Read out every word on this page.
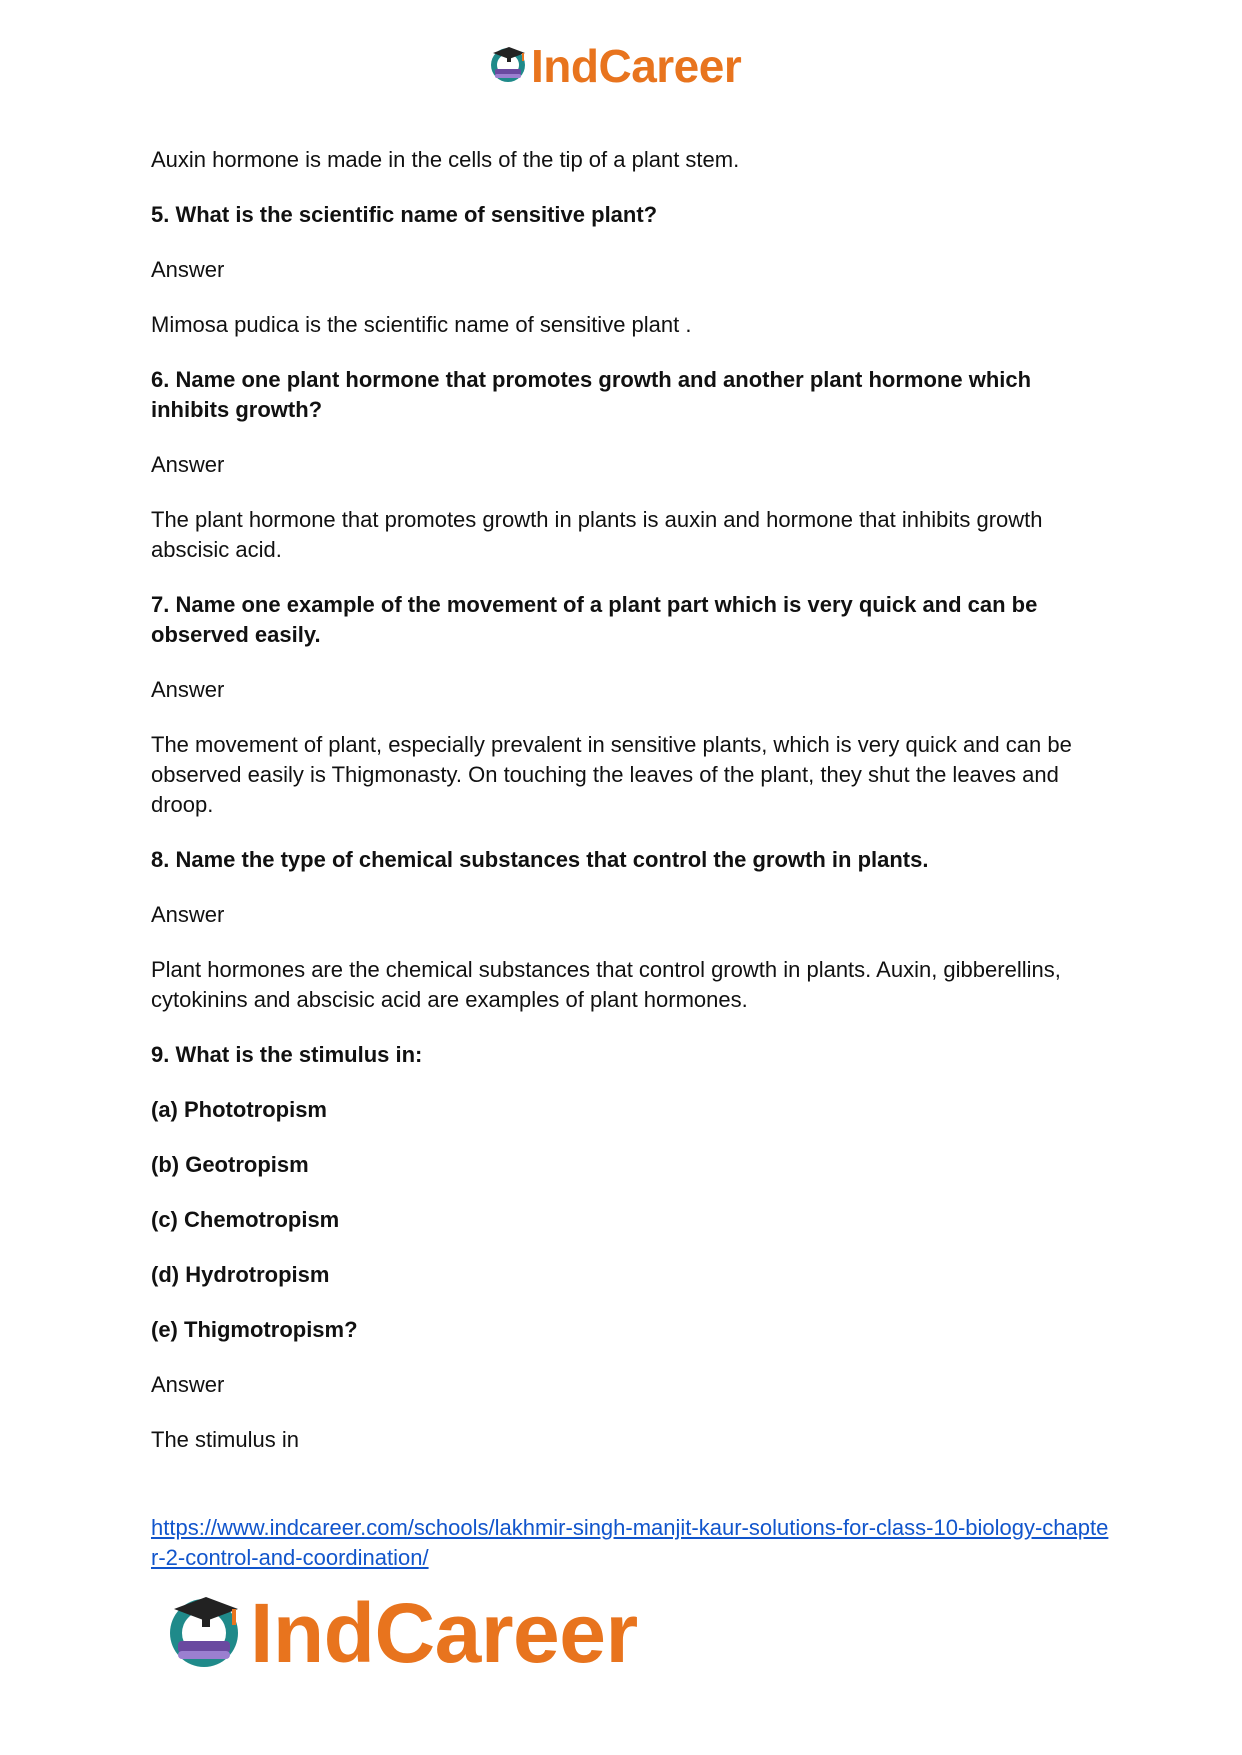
IndCareer

Auxin hormone is made in the cells of the tip of a plant stem.

5. What is the scientific name of sensitive plant?

Answer

Mimosa pudica is the scientific name of sensitive plant .

6. Name one plant hormone that promotes growth and another plant hormone which inhibits growth?

Answer

The plant hormone that promotes growth in plants is auxin and hormone that inhibits growth abscisic acid.

7. Name one example of the movement of a plant part which is very quick and can be observed easily.

Answer

The movement of plant, especially prevalent in sensitive plants, which is very quick and can be observed easily is Thigmonasty. On touching the leaves of the plant, they shut the leaves and droop.

8. Name the type of chemical substances that control the growth in plants.

Answer

Plant hormones are the chemical substances that control growth in plants. Auxin, gibberellins, cytokinins and abscisic acid are examples of plant hormones.

9. What is the stimulus in:

(a) Phototropism

(b) Geotropism

(c) Chemotropism

(d) Hydrotropism

(e) Thigmotropism?

Answer

The stimulus in

https://www.indcareer.com/schools/lakhmir-singh-manjit-kaur-solutions-for-class-10-biology-chapter-2-control-and-coordination/
IndCareer
